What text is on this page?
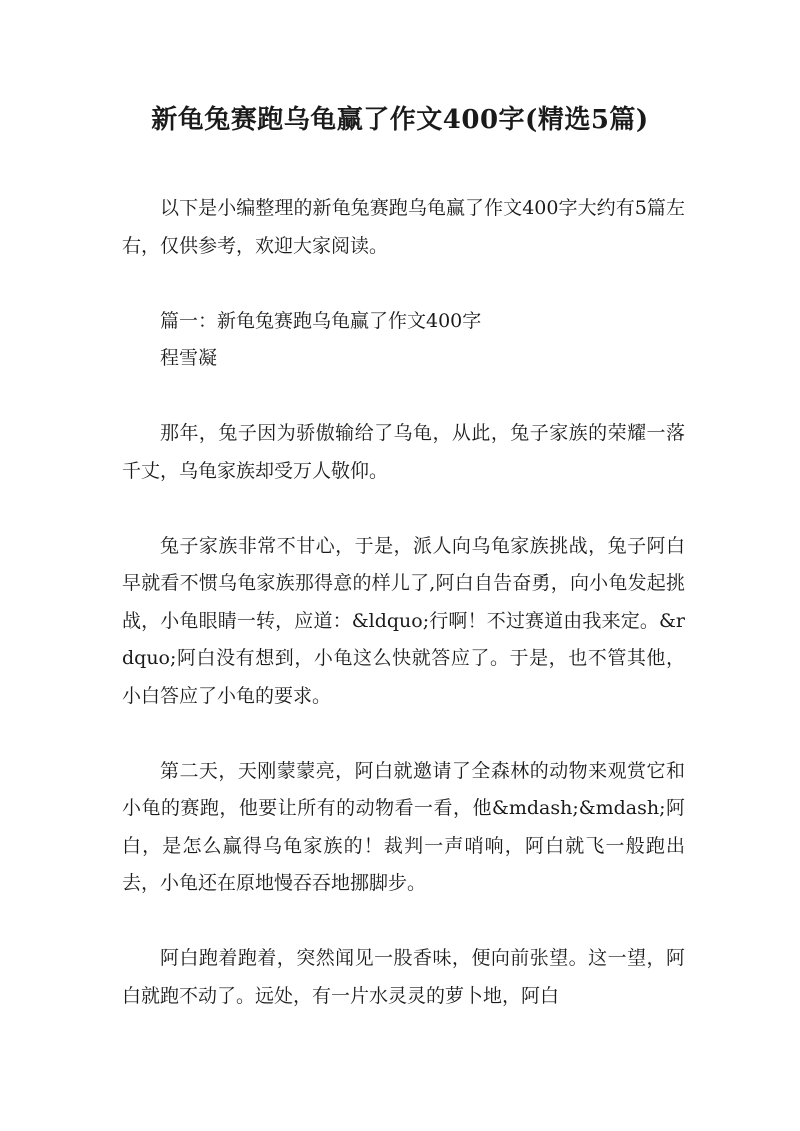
新龟兔赛跑乌龟赢了作文400字(精选5篇)

以下是小编整理的新龟兔赛跑乌龟赢了作文400字大约有5篇左右，仅供参考，欢迎大家阅读。

篇一：新龟兔赛跑乌龟赢了作文400字

程雪凝

那年，兔子因为骄傲输给了乌龟，从此，兔子家族的荣耀一落千丈，乌龟家族却受万人敬仰。

兔子家族非常不甘心，于是，派人向乌龟家族挑战，兔子阿白早就看不惯乌龟家族那得意的样儿了,阿白自告奋勇，向小龟发起挑战，小龟眼睛一转，应道：&ldquo;行啊！不过赛道由我来定。&rdquo;阿白没有想到，小龟这么快就答应了。于是，也不管其他，小白答应了小龟的要求。

第二天，天刚蒙蒙亮，阿白就邀请了全森林的动物来观赏它和小龟的赛跑，他要让所有的动物看一看，他&mdash;&mdash;阿白，是怎么赢得乌龟家族的！裁判一声哨响，阿白就飞一般跑出去，小龟还在原地慢吞吞地挪脚步。

阿白跑着跑着，突然闻见一股香味，便向前张望。这一望，阿白就跑不动了。远处，有一片水灵灵的萝卜地，阿白
